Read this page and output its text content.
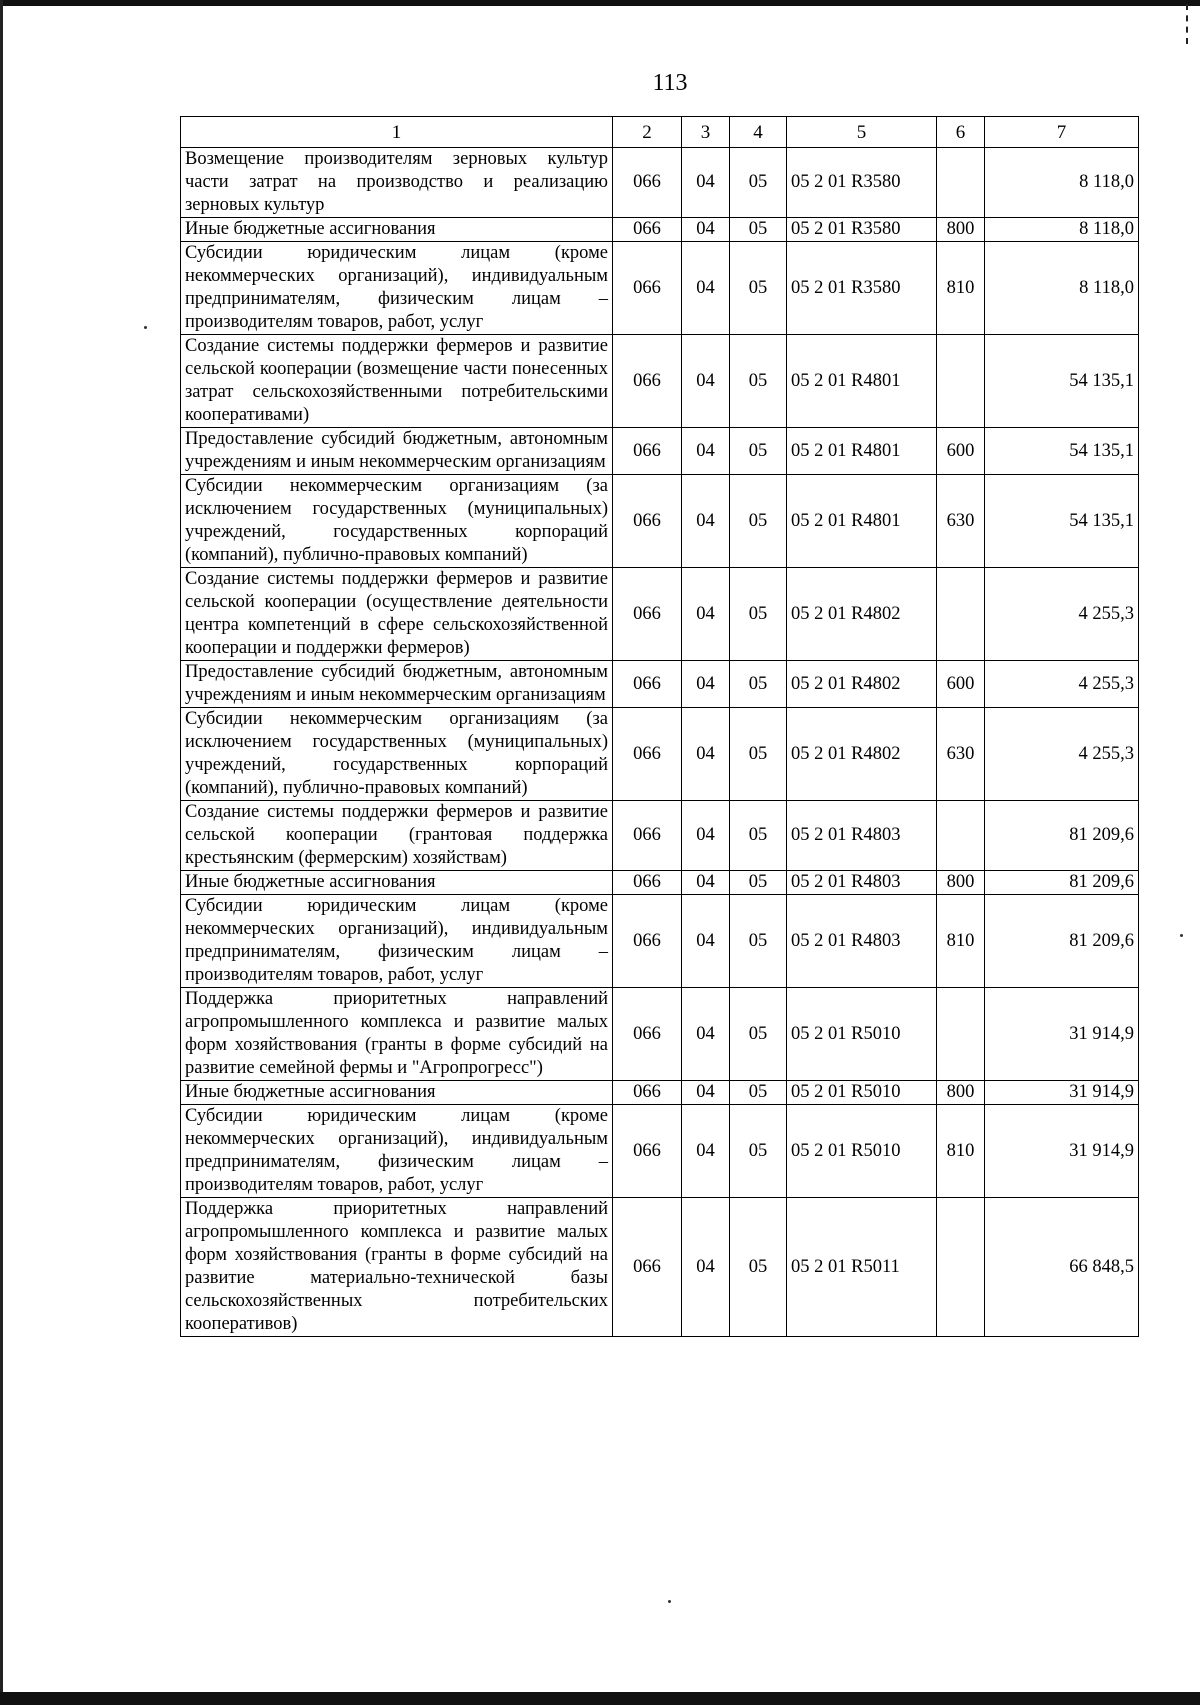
113
1	2	3	4	5	6	7
Возмещение производителям зерновых культур части затрат на производство и реализацию зерновых культур	066	04	05	05 2 01 R3580		8 118,0
Иные бюджетные ассигнования	066	04	05	05 2 01 R3580	800	8 118,0
Субсидии юридическим лицам (кроме некоммерческих организаций), индивидуальным предпринимателям, физическим лицам – производителям товаров, работ, услуг	066	04	05	05 2 01 R3580	810	8 118,0
Создание системы поддержки фермеров и развитие сельской кооперации (возмещение части понесенных затрат сельскохозяйственными потребительскими кооперативами)	066	04	05	05 2 01 R4801		54 135,1
Предоставление субсидий бюджетным, автономным учреждениям и иным некоммерческим организациям	066	04	05	05 2 01 R4801	600	54 135,1
Субсидии некоммерческим организациям (за исключением государственных (муниципальных) учреждений, государственных корпораций (компаний), публично-правовых компаний)	066	04	05	05 2 01 R4801	630	54 135,1
Создание системы поддержки фермеров и развитие сельской кооперации (осуществление деятельности центра компетенций в сфере сельскохозяйственной кооперации и поддержки фермеров)	066	04	05	05 2 01 R4802		4 255,3
Предоставление субсидий бюджетным, автономным учреждениям и иным некоммерческим организациям	066	04	05	05 2 01 R4802	600	4 255,3
Субсидии некоммерческим организациям (за исключением государственных (муниципальных) учреждений, государственных корпораций (компаний), публично-правовых компаний)	066	04	05	05 2 01 R4802	630	4 255,3
Создание системы поддержки фермеров и развитие сельской кооперации (грантовая поддержка крестьянским (фермерским) хозяйствам)	066	04	05	05 2 01 R4803		81 209,6
Иные бюджетные ассигнования	066	04	05	05 2 01 R4803	800	81 209,6
Субсидии юридическим лицам (кроме некоммерческих организаций), индивидуальным предпринимателям, физическим лицам – производителям товаров, работ, услуг	066	04	05	05 2 01 R4803	810	81 209,6
Поддержка приоритетных направлений агропромышленного комплекса и развитие малых форм хозяйствования (гранты в форме субсидий на развитие семейной фермы и "Агропрогресс")	066	04	05	05 2 01 R5010		31 914,9
Иные бюджетные ассигнования	066	04	05	05 2 01 R5010	800	31 914,9
Субсидии юридическим лицам (кроме некоммерческих организаций), индивидуальным предпринимателям, физическим лицам – производителям товаров, работ, услуг	066	04	05	05 2 01 R5010	810	31 914,9
Поддержка приоритетных направлений агропромышленного комплекса и развитие малых форм хозяйствования (гранты в форме субсидий на развитие материально-технической базы сельскохозяйственных потребительских кооперативов)	066	04	05	05 2 01 R5011		66 848,5
